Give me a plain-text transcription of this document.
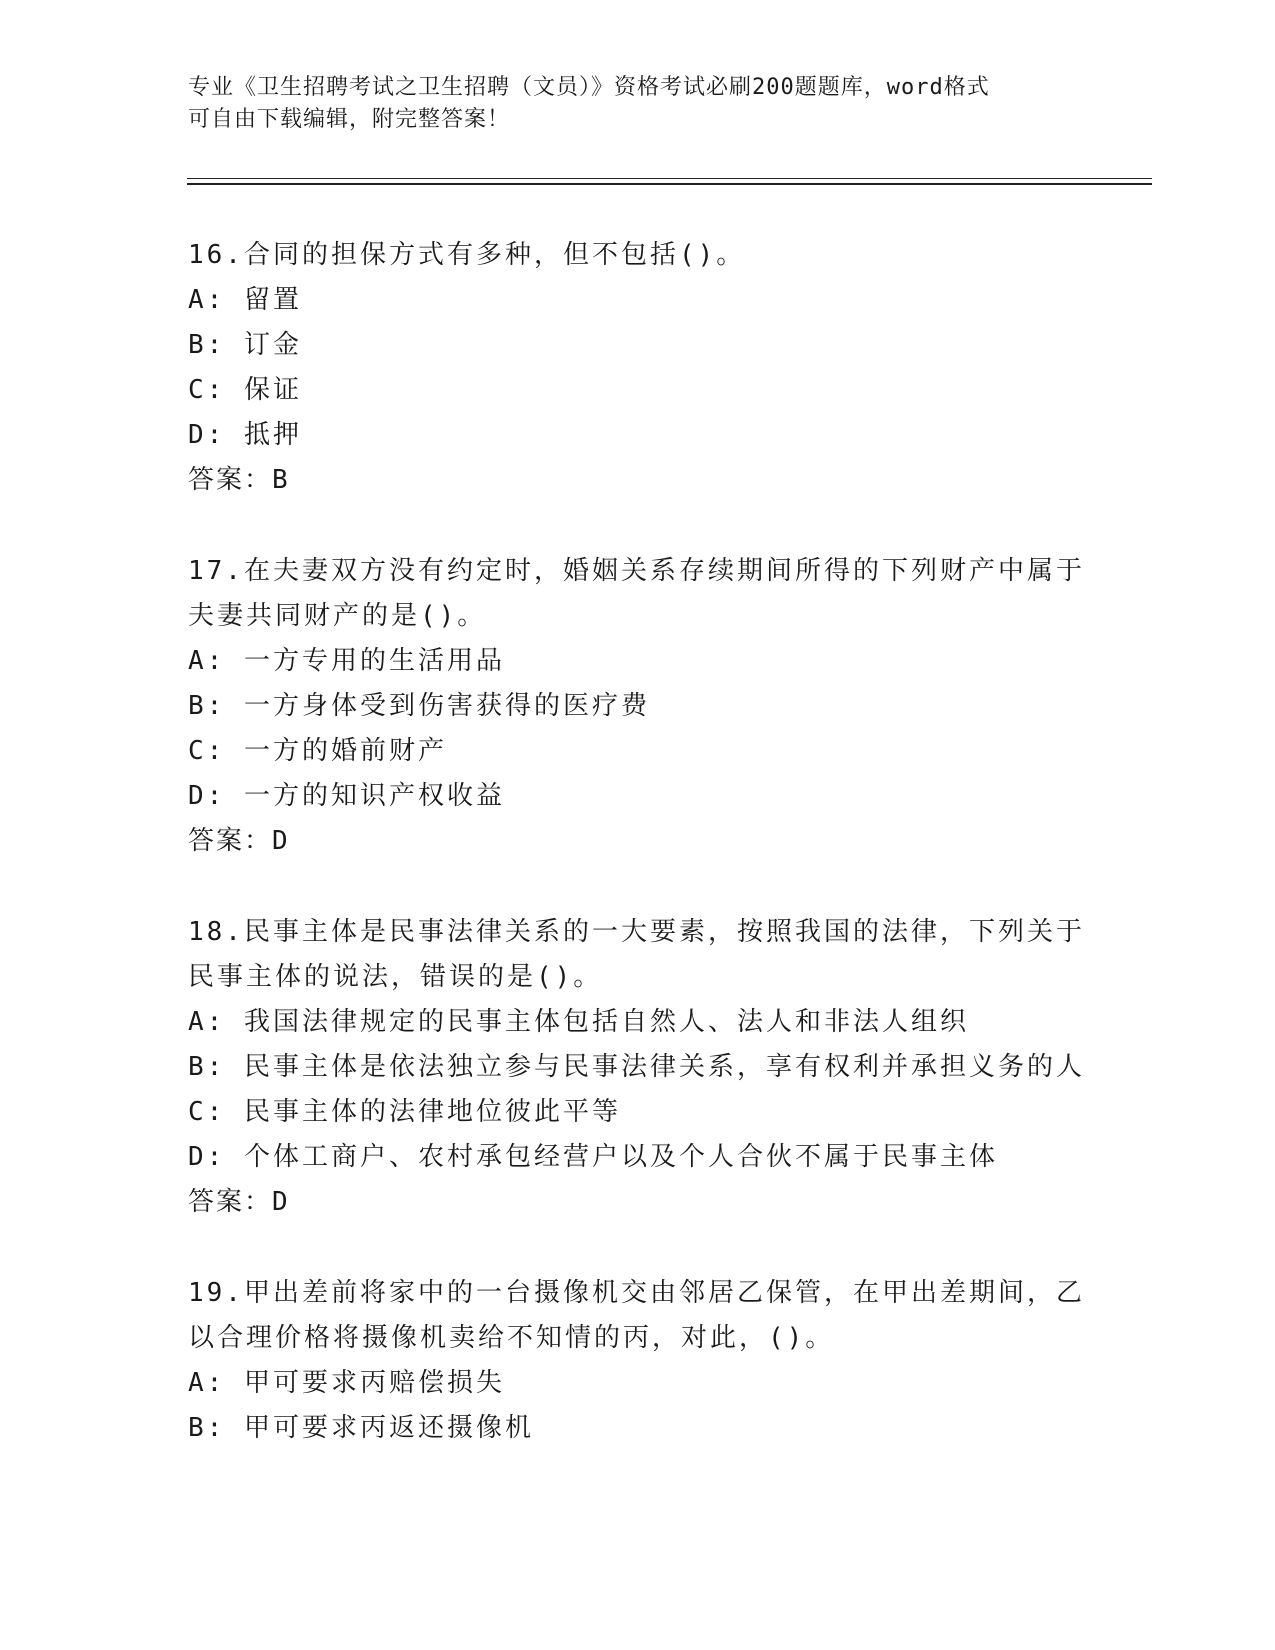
专业《卫生招聘考试之卫生招聘（文员）》资格考试必刷200题题库，word格式
可自由下载编辑，附完整答案！
16.合同的担保方式有多种，但不包括()。
A: 留置
B: 订金
C: 保证
D: 抵押
答案：B
17.在夫妻双方没有约定时，婚姻关系存续期间所得的下列财产中属于
夫妻共同财产的是()。
A: 一方专用的生活用品
B: 一方身体受到伤害获得的医疗费
C: 一方的婚前财产
D: 一方的知识产权收益
答案：D
18.民事主体是民事法律关系的一大要素，按照我国的法律，下列关于
民事主体的说法，错误的是()。
A: 我国法律规定的民事主体包括自然人、法人和非法人组织
B: 民事主体是依法独立参与民事法律关系，享有权利并承担义务的人
C: 民事主体的法律地位彼此平等
D: 个体工商户、农村承包经营户以及个人合伙不属于民事主体
答案：D
19.甲出差前将家中的一台摄像机交由邻居乙保管，在甲出差期间，乙
以合理价格将摄像机卖给不知情的丙，对此，()。
A: 甲可要求丙赔偿损失
B: 甲可要求丙返还摄像机
